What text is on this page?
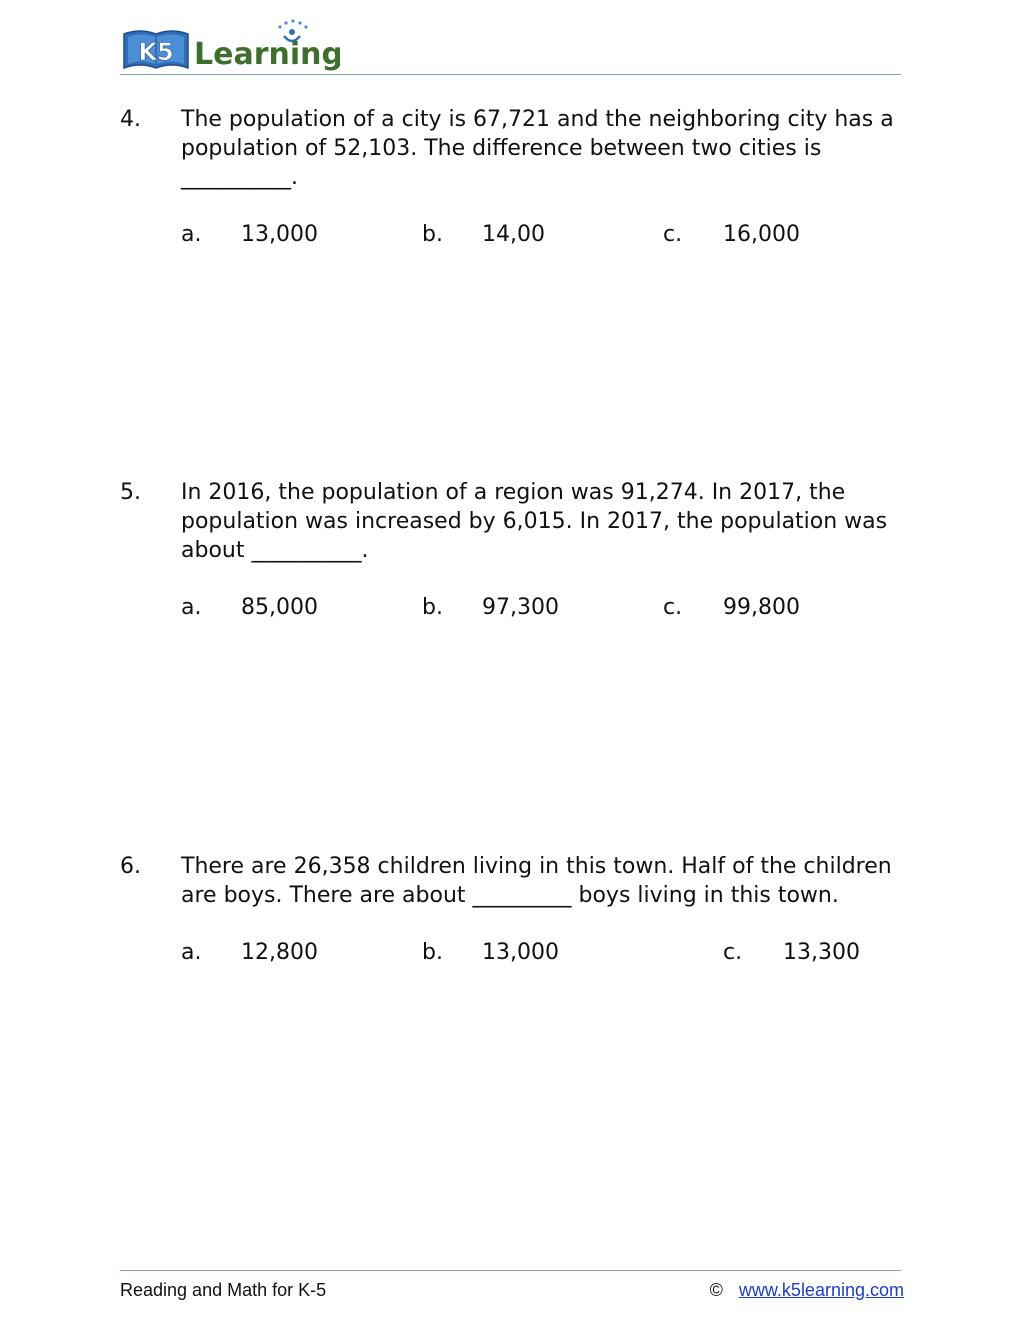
K5 Learning
4. The population of a city is 67,721 and the neighboring city has a population of 52,103. The difference between two cities is __________.
a. 13,000	b. 14,00	c. 16,000
5. In 2016, the population of a region was 91,274. In 2017, the population was increased by 6,015. In 2017, the population was about __________.
a. 85,000	b. 97,300	c. 99,800
6. There are 26,358 children living in this town. Half of the children are boys. There are about _________ boys living in this town.
a. 12,800	b. 13,000	c. 13,300
Reading and Math for K-5	© www.k5learning.com
